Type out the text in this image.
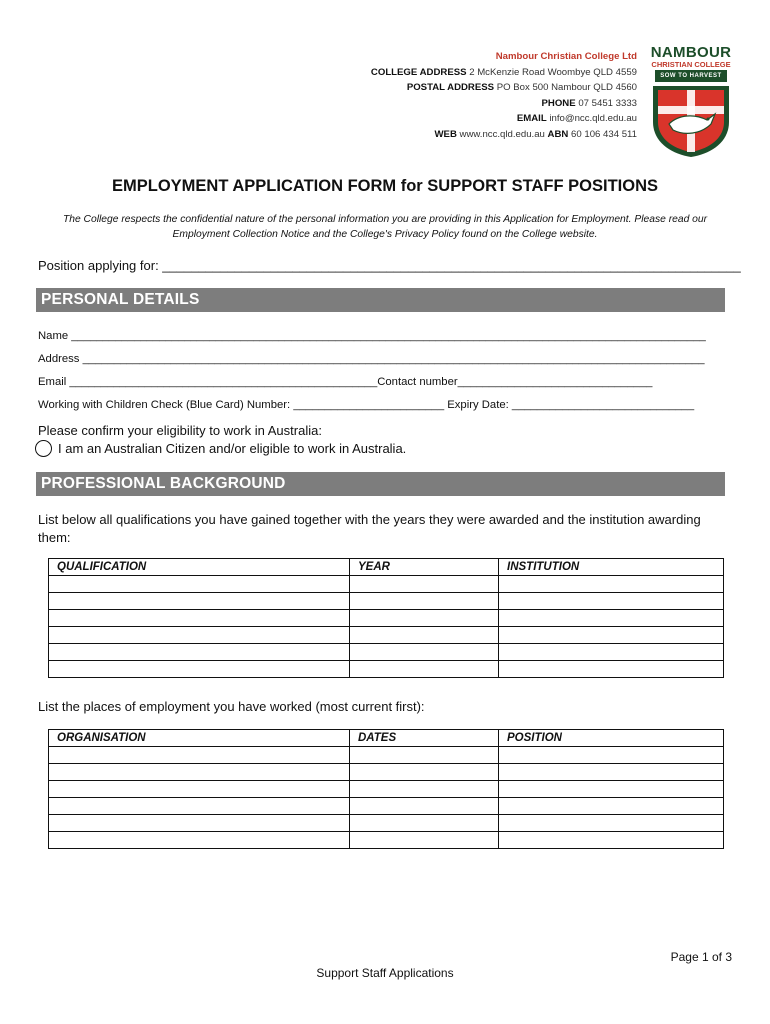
Nambour Christian College Ltd
COLLEGE ADDRESS 2 McKenzie Road Woombye QLD 4559
POSTAL ADDRESS PO Box 500 Nambour QLD 4560
PHONE 07 5451 3333
EMAIL info@ncc.qld.edu.au
WEB www.ncc.qld.edu.au ABN 60 106 434 511
NAMBOUR
CHRISTIAN COLLEGE
SOW TO HARVEST
EMPLOYMENT APPLICATION FORM for SUPPORT STAFF POSITIONS
The College respects the confidential nature of the personal information you are providing in this Application for Employment. Please read our Employment Collection Notice and the College's Privacy Policy found on the College website.
Position applying for: ________________________________________________________________________________
PERSONAL DETAILS
Name _____________________________________________________________________________________________________
Address ___________________________________________________________________________________________________
Email _________________________________________________Contact number_______________________________
Working with Children Check (Blue Card) Number: ________________________ Expiry Date: _____________________________
Please confirm your eligibility to work in Australia:
I am an Australian Citizen and/or eligible to work in Australia.
PROFESSIONAL BACKGROUND
List below all qualifications you have gained together with the years they were awarded and the institution awarding them:
QUALIFICATION	YEAR	INSTITUTION

List the places of employment you have worked (most current first):
ORGANISATION	DATES	POSITION

Page 1 of 3
Support Staff Applications
